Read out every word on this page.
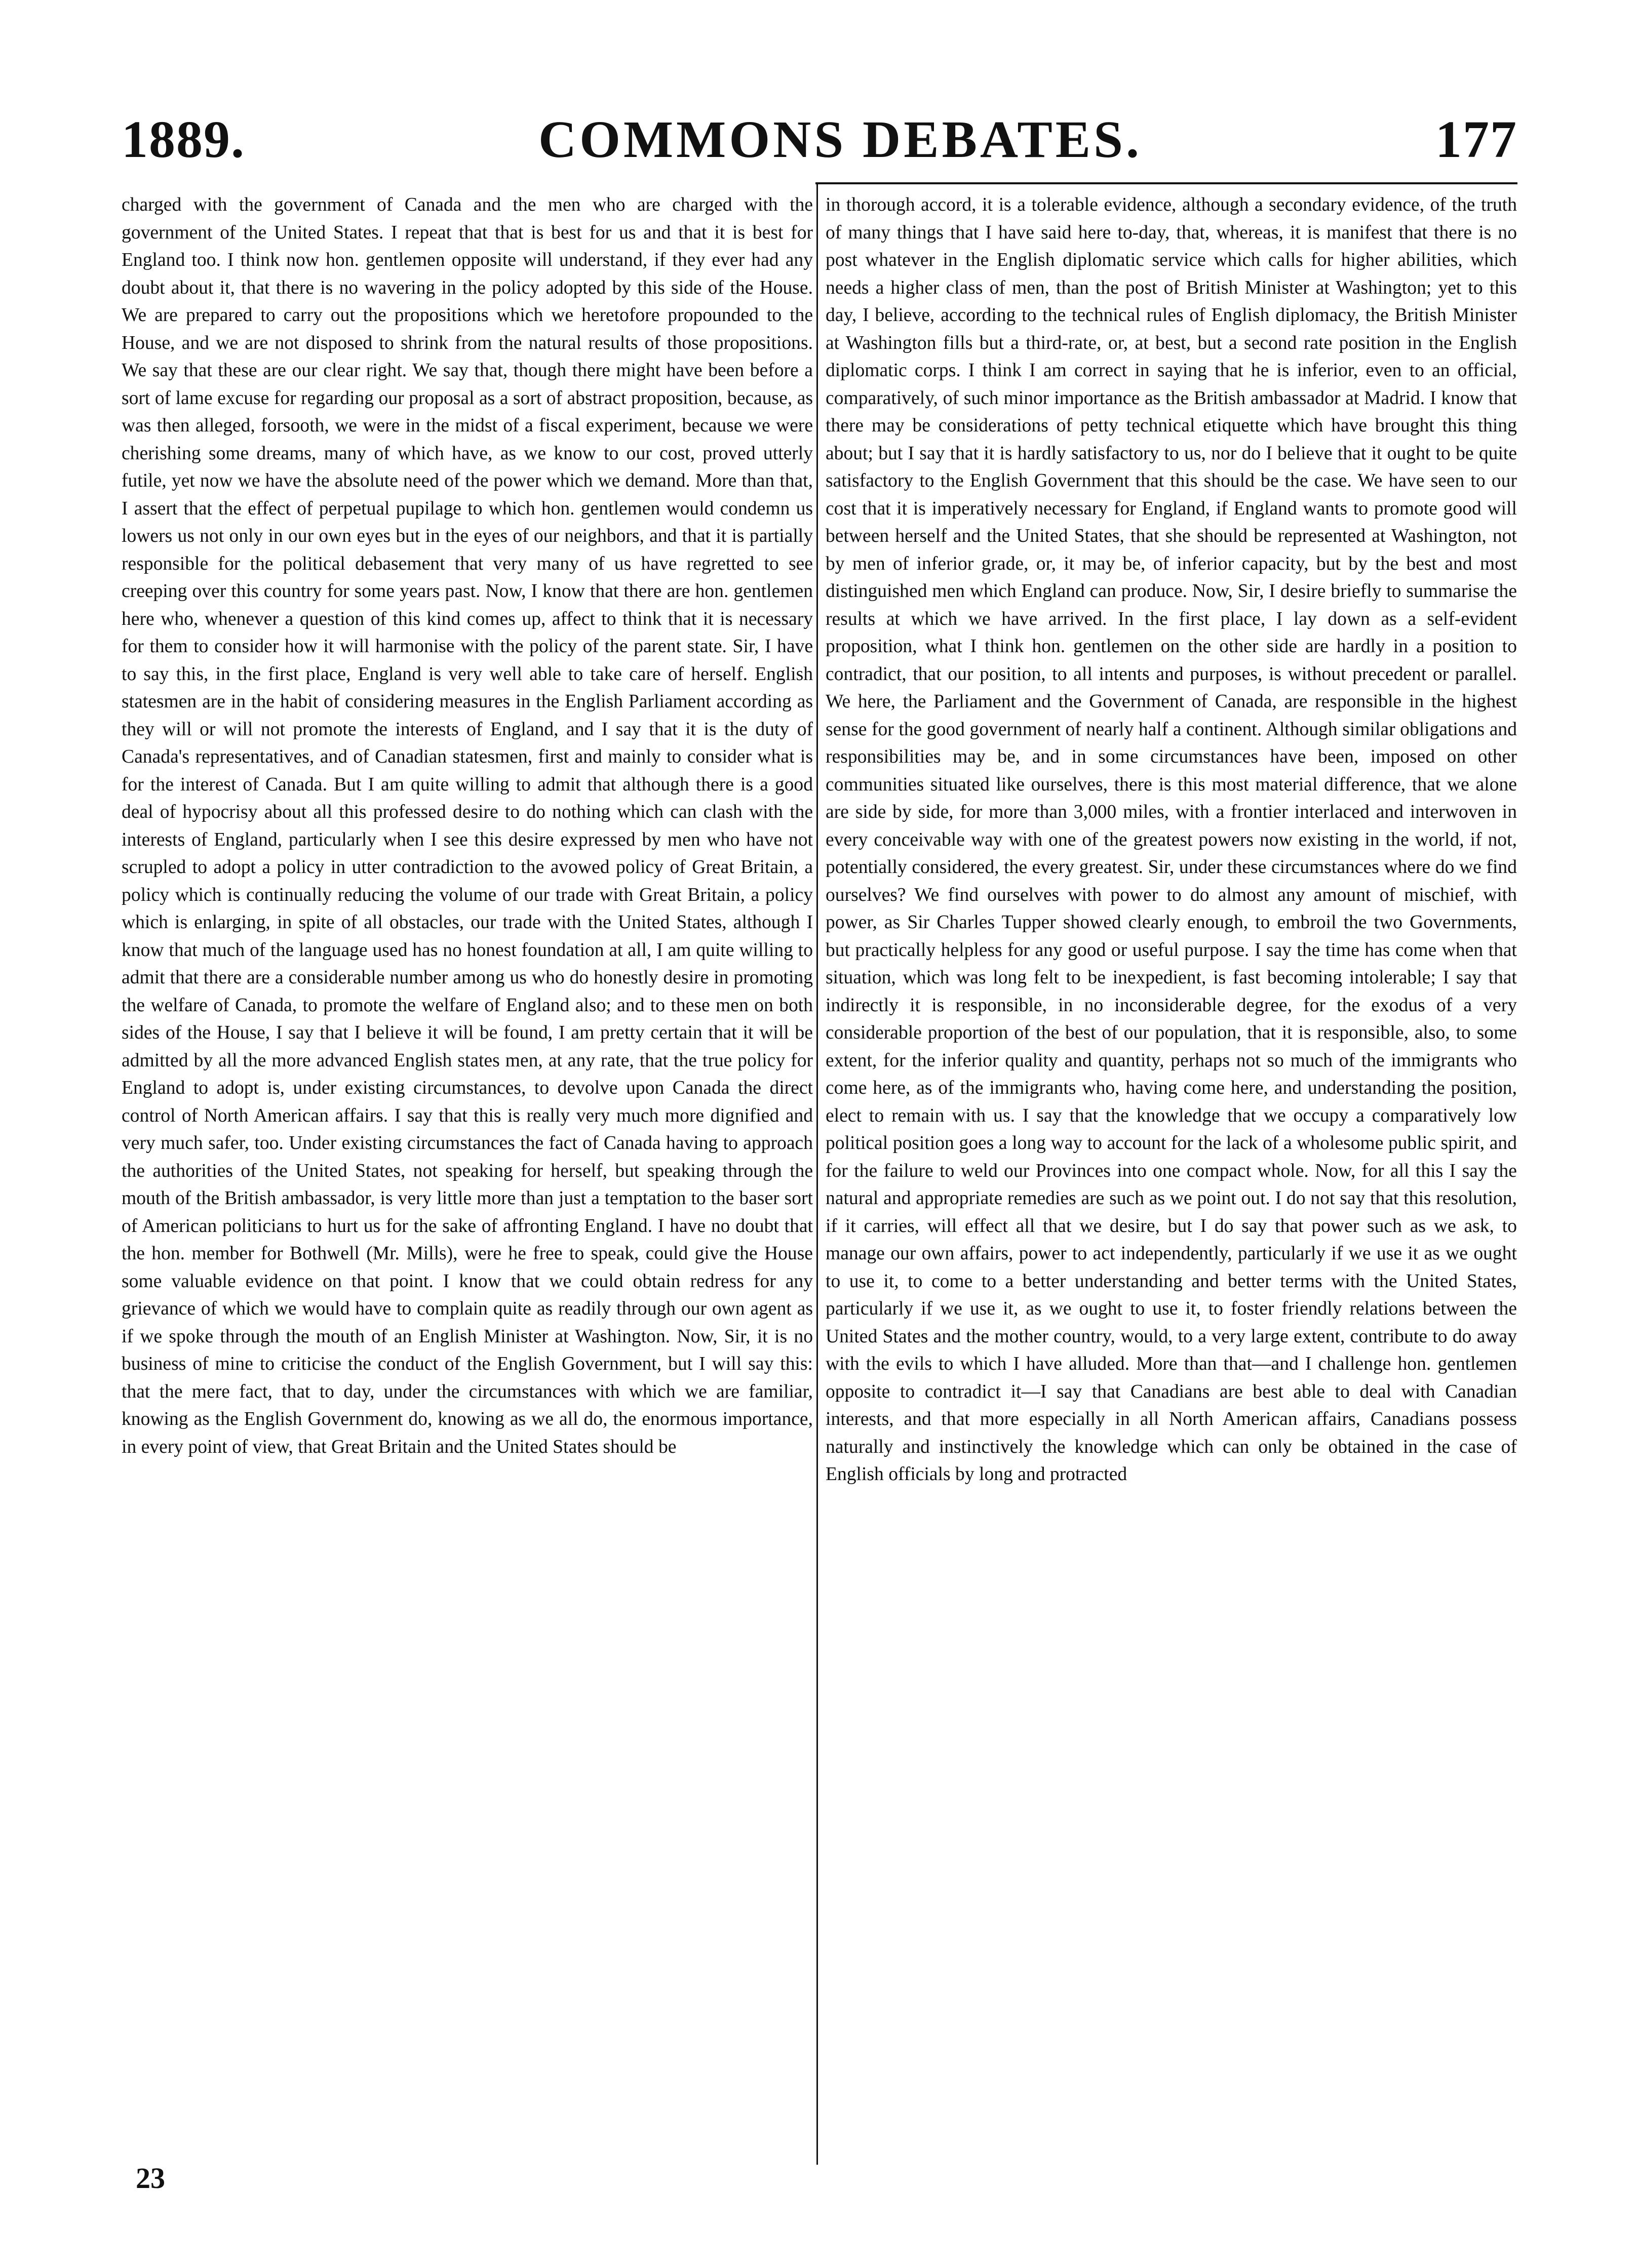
1889.	COMMONS DEBATES.	177

charged with the government of Canada and the men who are charged with the government of the United States. I repeat that that is best for us and that it is best for England too. I think now hon. gentlemen opposite will understand, if they ever had any doubt about it, that there is no wavering in the policy adopted by this side of the House. We are prepared to carry out the propositions which we heretofore propounded to the House, and we are not disposed to shrink from the natural results of those propositions. We say that these are our clear right. We say that, though there might have been before a sort of lame excuse for regarding our proposal as a sort of abstract proposition, because, as was then alleged, forsooth, we were in the midst of a fiscal experiment, because we were cherishing some dreams, many of which have, as we know to our cost, proved utterly futile, yet now we have the absolute need of the power which we demand. More than that, I assert that the effect of perpetual pupilage to which hon. gentlemen would condemn us lowers us not only in our own eyes but in the eyes of our neighbors, and that it is partially responsible for the political debasement that very many of us have regretted to see creeping over this country for some years past. Now, I know that there are hon. gentlemen here who, whenever a question of this kind comes up, affect to think that it is necessary for them to consider how it will harmonise with the policy of the parent state. Sir, I have to say this, in the first place, England is very well able to take care of herself. English statesmen are in the habit of considering measures in the English Parliament according as they will or will not promote the interests of England, and I say that it is the duty of Canada's representatives, and of Canadian statesmen, first and mainly to consider what is for the interest of Canada. But I am quite willing to admit that although there is a good deal of hypocrisy about all this professed desire to do nothing which can clash with the interests of England, particularly when I see this desire expressed by men who have not scrupled to adopt a policy in utter contradiction to the avowed policy of Great Britain, a policy which is continually reducing the volume of our trade with Great Britain, a policy which is enlarging, in spite of all obstacles, our trade with the United States, although I know that much of the language used has no honest foundation at all, I am quite willing to admit that there are a considerable number among us who do honestly desire in promoting the welfare of Canada, to promote the welfare of England also; and to these men on both sides of the House, I say that I believe it will be found, I am pretty certain that it will be admitted by all the more advanced English states men, at any rate, that the true policy for England to adopt is, under existing circumstances, to devolve upon Canada the direct control of North American affairs. I say that this is really very much more dignified and very much safer, too. Under existing circumstances the fact of Canada having to approach the authorities of the United States, not speaking for herself, but speaking through the mouth of the British ambassador, is very little more than just a temptation to the baser sort of American politicians to hurt us for the sake of affronting England. I have no doubt that the hon. member for Bothwell (Mr. Mills), were he free to speak, could give the House some valuable evidence on that point. I know that we could obtain redress for any grievance of which we would have to complain quite as readily through our own agent as if we spoke through the mouth of an English Minister at Washington. Now, Sir, it is no business of mine to criticise the conduct of the English Government, but I will say this: that the mere fact, that to day, under the circumstances with which we are familiar, knowing as the English Government do, knowing as we all do, the enormous importance, in every point of view, that Great Britain and the United States should be

in thorough accord, it is a tolerable evidence, although a secondary evidence, of the truth of many things that I have said here to-day, that, whereas, it is manifest that there is no post whatever in the English diplomatic service which calls for higher abilities, which needs a higher class of men, than the post of British Minister at Washington; yet to this day, I believe, according to the technical rules of English diplomacy, the British Minister at Washington fills but a third-rate, or, at best, but a second rate position in the English diplomatic corps. I think I am correct in saying that he is inferior, even to an official, comparatively, of such minor importance as the British ambassador at Madrid. I know that there may be considerations of petty technical etiquette which have brought this thing about; but I say that it is hardly satisfactory to us, nor do I believe that it ought to be quite satisfactory to the English Government that this should be the case. We have seen to our cost that it is imperatively necessary for England, if England wants to promote good will between herself and the United States, that she should be represented at Washington, not by men of inferior grade, or, it may be, of inferior capacity, but by the best and most distinguished men which England can produce. Now, Sir, I desire briefly to summarise the results at which we have arrived. In the first place, I lay down as a self-evident proposition, what I think hon. gentlemen on the other side are hardly in a position to contradict, that our position, to all intents and purposes, is without precedent or parallel. We here, the Parliament and the Government of Canada, are responsible in the highest sense for the good government of nearly half a continent. Although similar obligations and responsibilities may be, and in some circumstances have been, imposed on other communities situated like ourselves, there is this most material difference, that we alone are side by side, for more than 3,000 miles, with a frontier interlaced and interwoven in every conceivable way with one of the greatest powers now existing in the world, if not, potentially considered, the every greatest. Sir, under these circumstances where do we find ourselves? We find ourselves with power to do almost any amount of mischief, with power, as Sir Charles Tupper showed clearly enough, to embroil the two Governments, but practically helpless for any good or useful purpose. I say the time has come when that situation, which was long felt to be inexpedient, is fast becoming intolerable; I say that indirectly it is responsible, in no inconsiderable degree, for the exodus of a very considerable proportion of the best of our population, that it is responsible, also, to some extent, for the inferior quality and quantity, perhaps not so much of the immigrants who come here, as of the immigrants who, having come here, and understanding the position, elect to remain with us. I say that the knowledge that we occupy a comparatively low political position goes a long way to account for the lack of a wholesome public spirit, and for the failure to weld our Provinces into one compact whole. Now, for all this I say the natural and appropriate remedies are such as we point out. I do not say that this resolution, if it carries, will effect all that we desire, but I do say that power such as we ask, to manage our own affairs, power to act independently, particularly if we use it as we ought to use it, to come to a better understanding and better terms with the United States, particularly if we use it, as we ought to use it, to foster friendly relations between the United States and the mother country, would, to a very large extent, contribute to do away with the evils to which I have alluded. More than that—and I challenge hon. gentlemen opposite to contradict it—I say that Canadians are best able to deal with Canadian interests, and that more especially in all North American affairs, Canadians possess naturally and instinctively the knowledge which can only be obtained in the case of English officials by long and protracted

23
